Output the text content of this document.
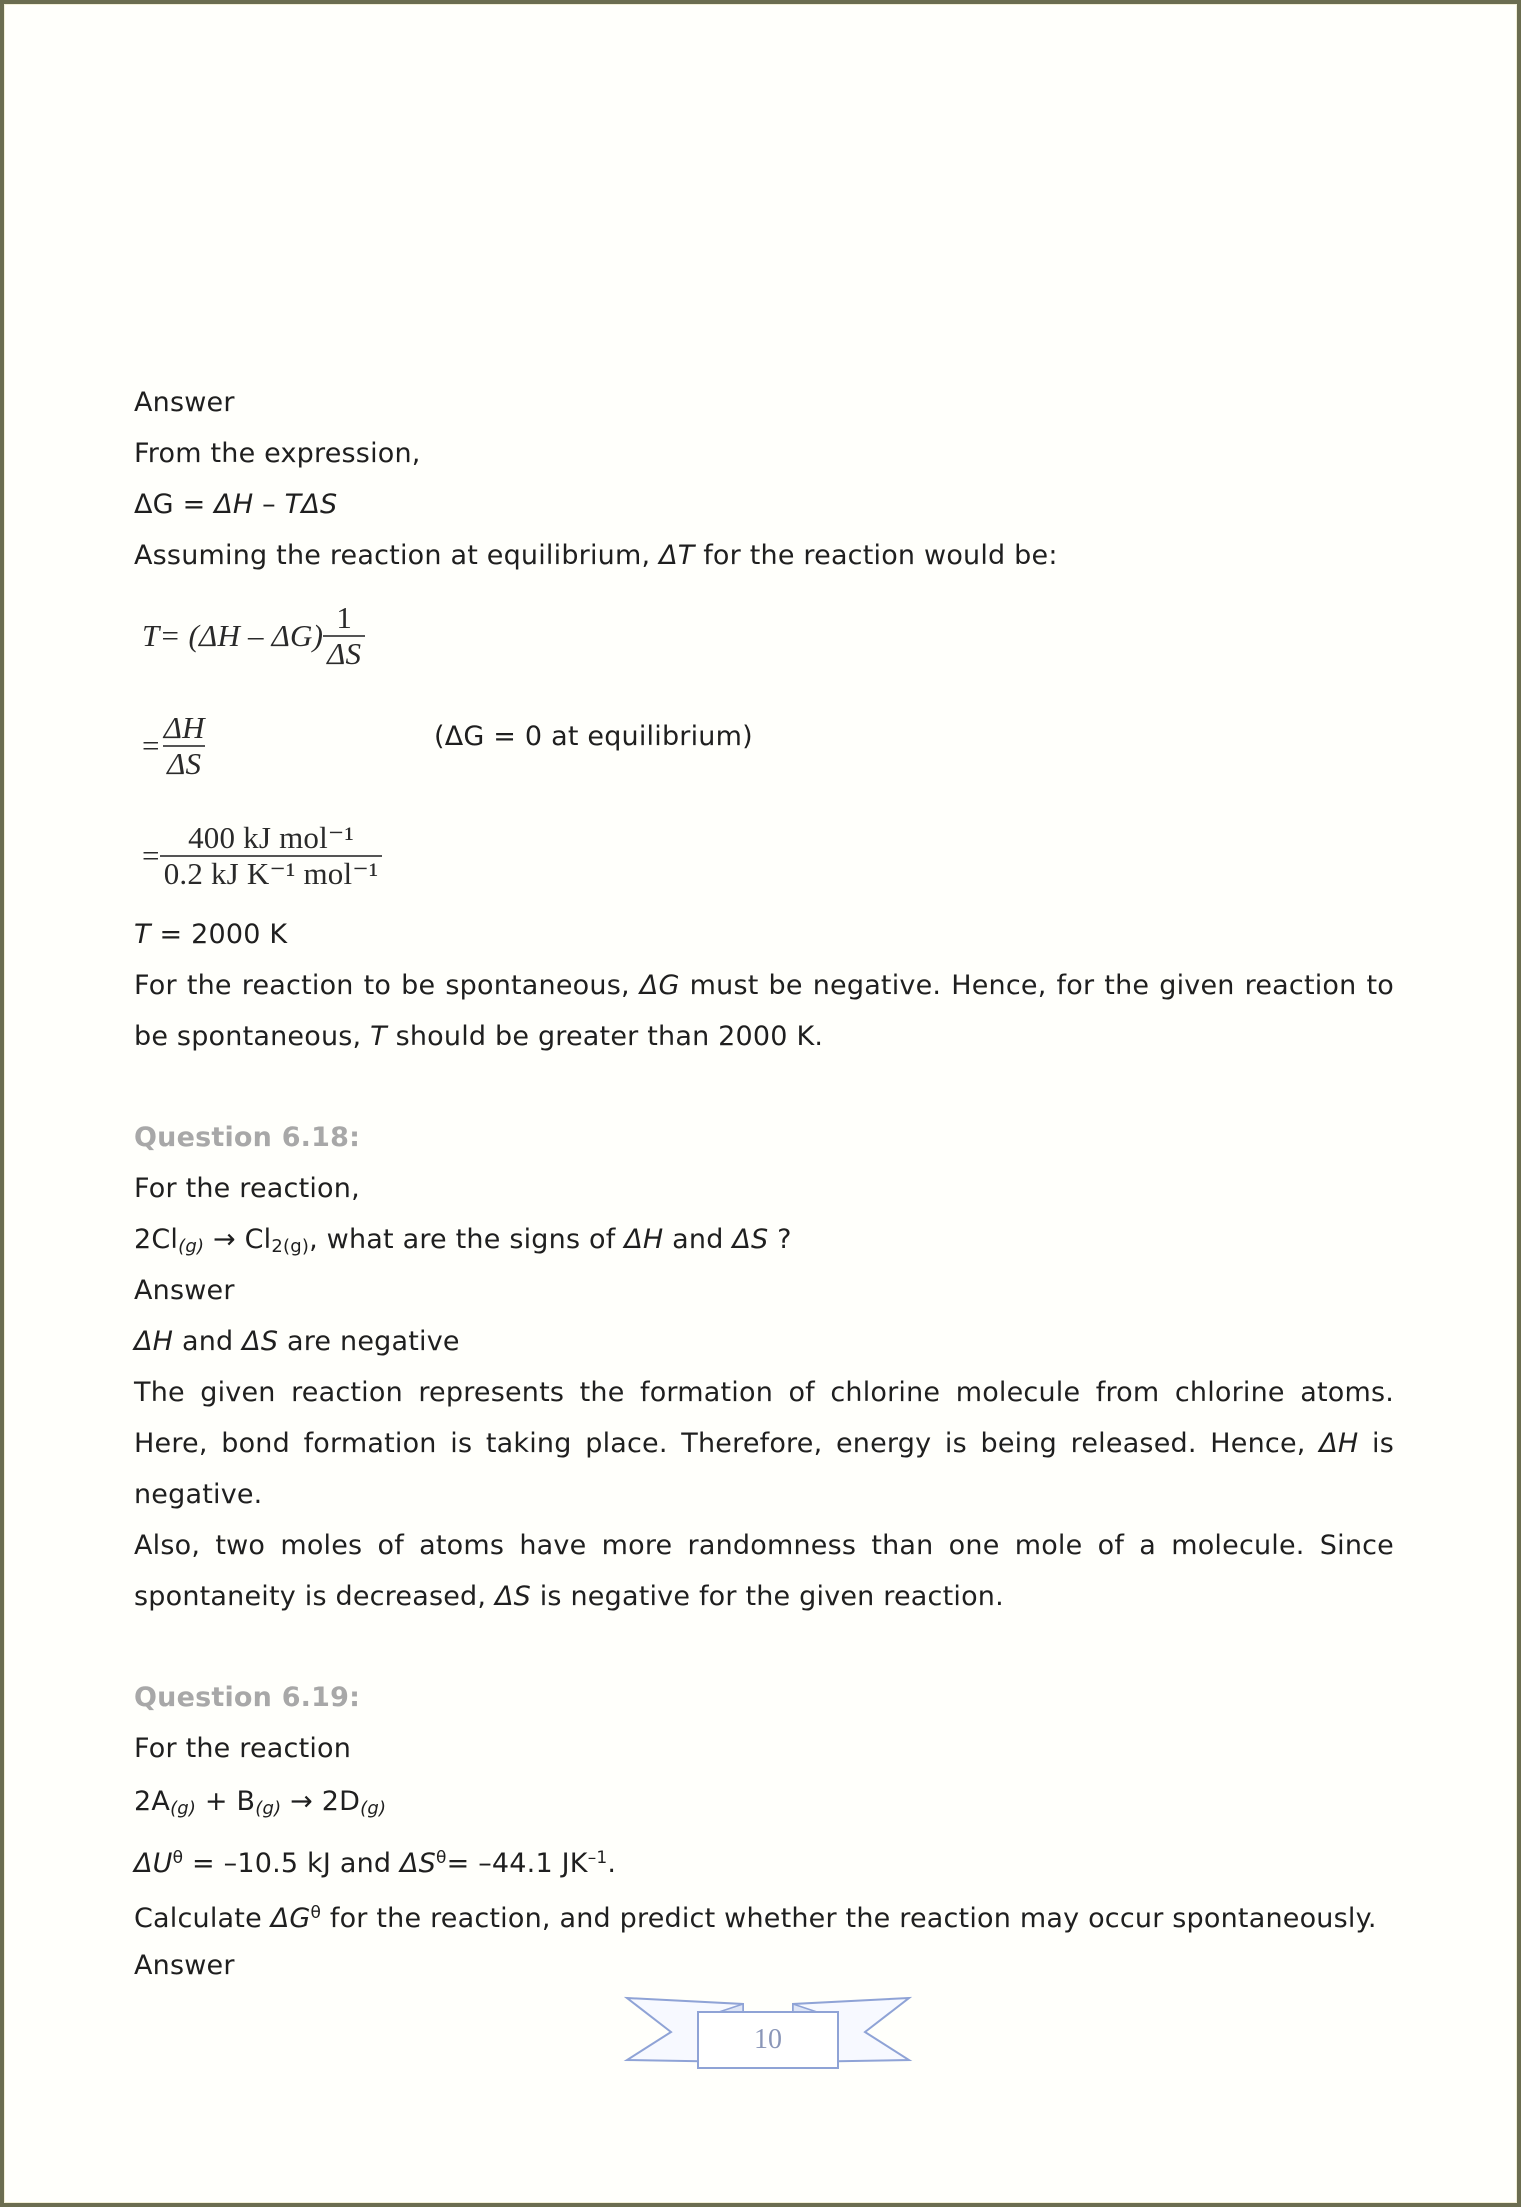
Answer
From the expression,
ΔG = ΔH – TΔS
Assuming the reaction at equilibrium, ΔT for the reaction would be:
$T = (\Delta H - \Delta G) \frac{1}{\Delta S}$
= $\frac{\Delta H}{\Delta S}$
= $\frac{\text{400 kJ mol⁻¹}}{\text{0.2 kJ K⁻¹ mol⁻¹}}$
(ΔG = 0 at equilibrium)
T = 2000 K
For the reaction to be spontaneous, ΔG must be negative. Hence, for the given reaction to be spontaneous, T should be greater than 2000 K.
Question 6.18:
For the reaction,
$2Cl_{(g)} \to Cl_{2(g)}$, what are the signs of ΔH and ΔS ?
Answer
ΔH and ΔS are negative
The given reaction represents the formation of chlorine molecule from chlorine atoms. Here, bond formation is taking place. Therefore, energy is being released. Hence, ΔH is negative.
Also, two moles of atoms have more randomness than one mole of a molecule. Since spontaneity is decreased, ΔS is negative for the given reaction.
Question 6.19:
For the reaction
$2A_{(g)} + B_{(g)} \to 2D_{(g)}$
$\Delta U^\theta = -10.5$ kJ and $\Delta S^\theta= -44.1$ $JK^{-1}$.
Calculate $\Delta G^\theta$ for the reaction, and predict whether the reaction may occur spontaneously.
Answer
10
